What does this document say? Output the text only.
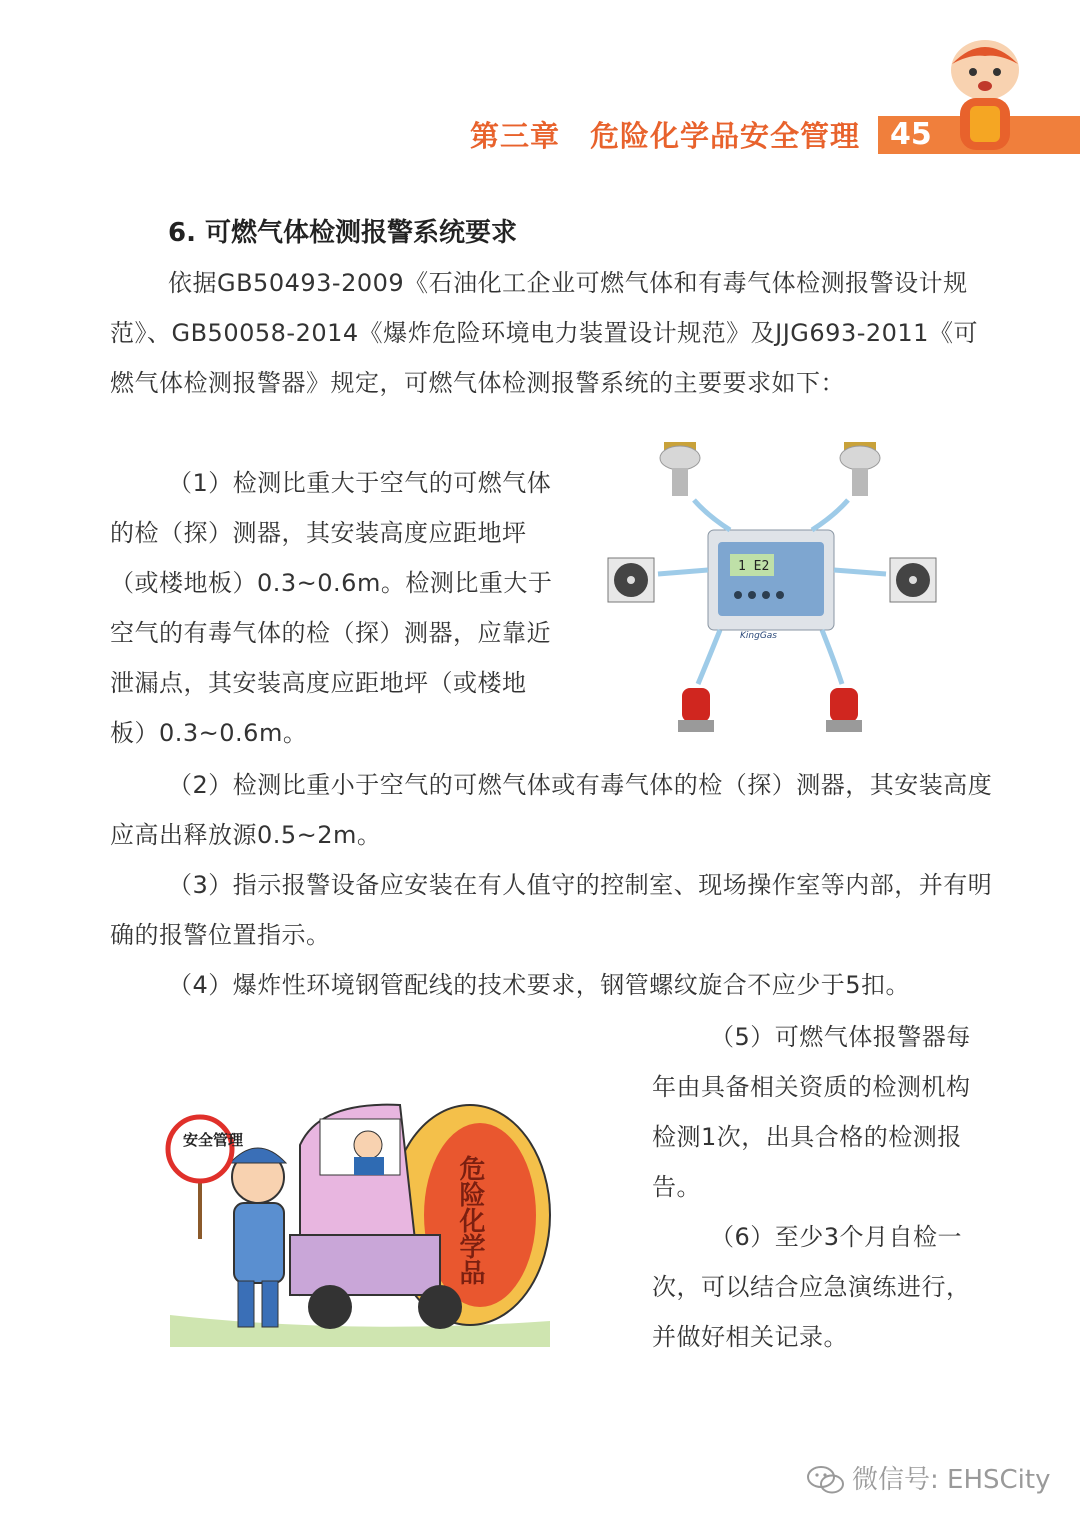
第三章　危险化学品安全管理 45
6. 可燃气体检测报警系统要求
依据GB50493-2009《石油化工企业可燃气体和有毒气体检测报警设计规范》、GB50058-2014《爆炸危险环境电力装置设计规范》及JJG693-2011《可燃气体检测报警器》规定，可燃气体检测报警系统的主要要求如下：
（1）检测比重大于空气的可燃气体的检（探）测器，其安装高度应距地坪（或楼地板）0.3~0.6m。检测比重大于空气的有毒气体的检（探）测器，应靠近泄漏点，其安装高度应距地坪（或楼地板）0.3~0.6m。
1 E2
KingGas
（2）检测比重小于空气的可燃气体或有毒气体的检（探）测器，其安装高度应高出释放源0.5~2m。
（3）指示报警设备应安装在有人值守的控制室、现场操作室等内部，并有明确的报警位置指示。
（4）爆炸性环境钢管配线的技术要求，钢管螺纹旋合不应少于5扣。
（5）可燃气体报警器每年由具备相关资质的检测机构检测1次，出具合格的检测报告。
（6）至少3个月自检一次，可以结合应急演练进行，并做好相关记录。
危险化学品
安全管理
微信号: EHSCity
